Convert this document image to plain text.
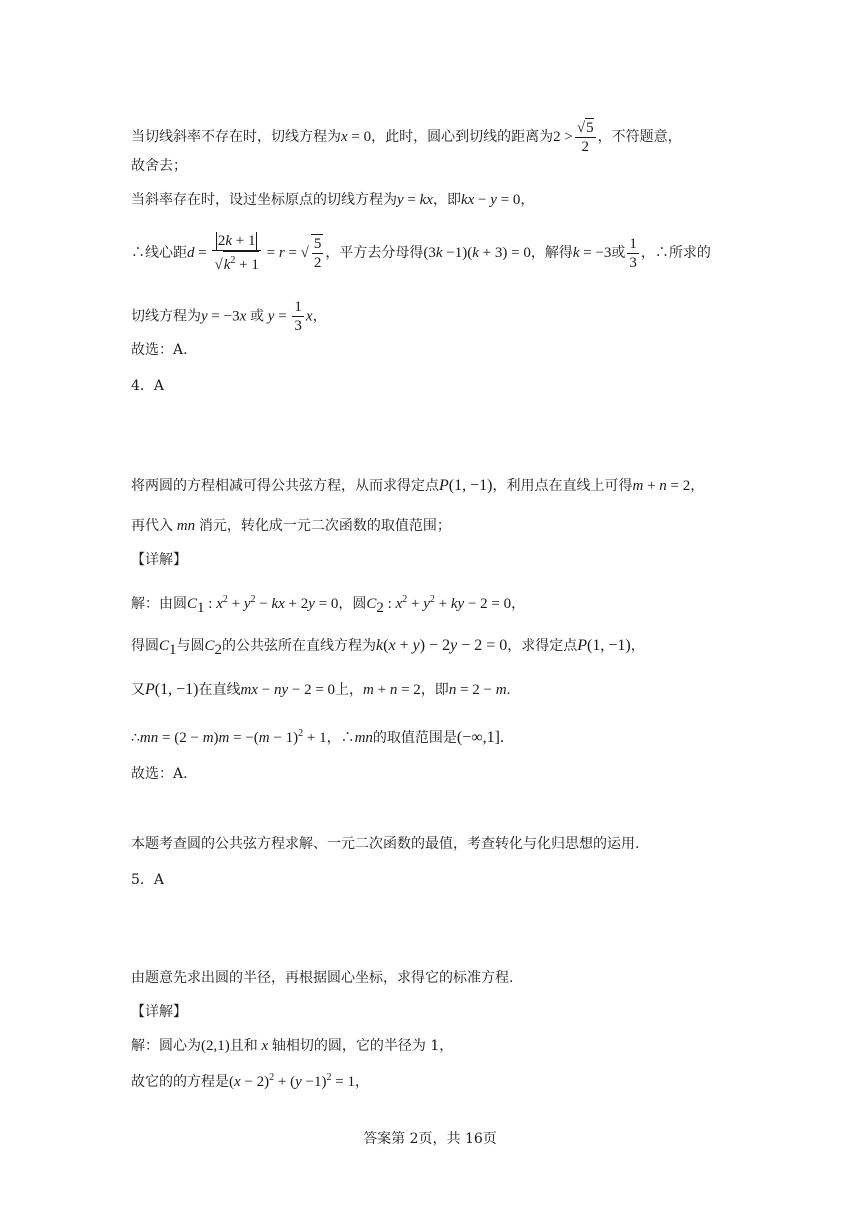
当切线斜率不存在时，切线方程为x = 0，此时，圆心到切线的距离为$2 > \frac{√5}{2}$ ，不符题意，
故舍去；
当斜率存在时，设过坐标原点的切线方程为y = kx，即kx − y = 0，
∴线心距$d = \frac{2k + 1}{√k^2 + 1} = r$ = √ $\frac{5}{2}$ ，平方去分母得(3k −1)(k + 3) = 0，解得k = −3或 $\frac{1}{3}$ ，∴所求的
切线方程为y = −3x 或 $y = \frac{1}{3}$ x，
故选：A.
4．A
将两圆的方程相减可得公共弦方程，从而求得定点P(1, −1)，利用点在直线上可得m + n = 2，
再代入 mn 消元，转化成一元二次函数的取值范围；
【详解】
解：由圆$C_1$ : $x^2 + y^2$ − kx + 2y = 0，圆$C_2$ : $x^2 + y^2$ + ky − 2 = 0，
得圆$C_1$与圆$C_2$的公共弦所在直线方程为k(x + y) − 2y − 2 = 0，求得定点P(1, −1)，
又P(1, −1)在直线mx − ny − 2 = 0上，m + n = 2，即n = 2 − m.
∴mn = $(2 - m)m = -(m - 1)^2 + 1$，∴mn的取值范围是(−∞,1].
故选：A.
本题考查圆的公共弦方程求解、一元二次函数的最值，考查转化与化归思想的运用.
5．A
由题意先求出圆的半径，再根据圆心坐标，求得它的标准方程.
【详解】
解：圆心为(2,1)且和 x 轴相切的圆，它的半径为 1，
故它的的方程是$(x - 2)^2 + (y -1)^2 = 1$，
答案第 2页，共 16页
